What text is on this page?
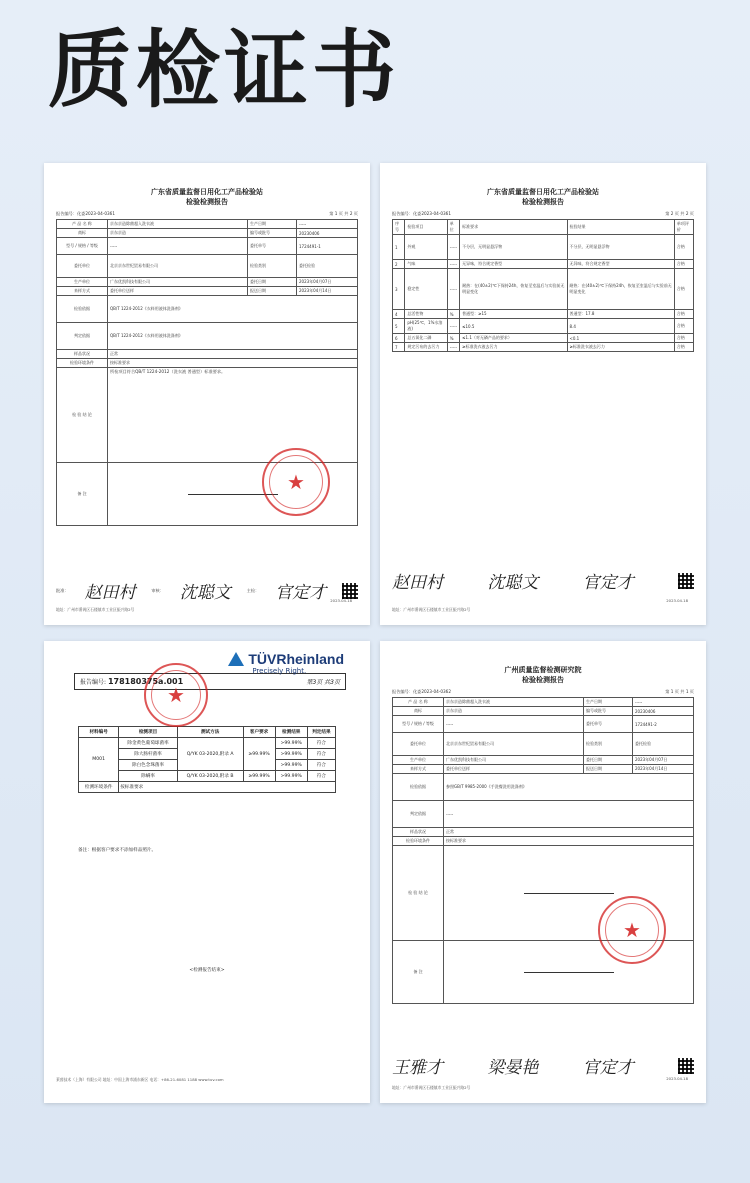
质检证书
广东省质量监督日用化工产品检验站
检验检测报告
报告编号：化委2023-04-0361	第 1 页 共 2 页
产 品 名 称	京东京造除菌超入洗衣液	生产日期	-----
商标	京东京造	编号或批号	20230406
型号 / 规格 / 等级	-----	委托单号	1724491-1
委托单位	北京京东世纪贸易有限公司	检验类别	委托检验
生产单位	广东优凯科技有限公司	委托日期	2023年04月07日
来样方式	委托单位送样	报送日期	2023年04月14日
检验依据	QB/T 1224-2012《衣料用液体洗涤剂》		
判定依据	QB/T 1224-2012《衣料用液体洗涤剂》		
样品状况	正常		
检验环境条件	按标准要求		
检 验 结 论	所检项目符合QB/T 1224-2012（洗衣液 普通型）标准要求。		
备 注				★
批准： 赵田村	审核： 沈聪文	主检： 官定才
地址：广州市番禺区石楼镇市工业区振兴路2号
2023.04.18
广东省质量监督日用化工产品检验站
检验检测报告
报告编号：化委2023-04-0361	第 2 页 共 2 页
序号	检验项目	单位	标准要求	检验结果	单项评价
1	外观	-----	不分层，无明显悬浮物	不分层，无明显悬浮物	合格
2	气味	-----	无异味，符合规定香型	无异味，符合规定香型	合格
3	稳定性	-----	耐热：在(40±2)℃下保持24h，恢复至室温后与实验前无明显变化	耐热：在(40±2)℃下保持24h，恢复至室温后与实验前无明显变化	合格
4	总活性物	%	普通型：≥15	普通型：17.8	合格
5	pH(25℃，1%水溶液)	-----	≤10.5	8.4	合格
6	总五氧化二磷	%	≤1.1（对无磷产品的要求）	<0.1	合格
7	规定污布的去污力	-----	≥标准洗衣液去污力	≥标准洗衣液去污力	合格
赵田村	沈聪文	官定才
地址：广州市番禺区石楼镇市工业区振兴路2号
2023.04.18
TÜVRheinland
Precisely Right.
报告编号: 178180375a.001	第3页 共3页
材料编号	检测项目	测试方法	客户要求	检测结果	判定结果
M001	除金黄色葡萄球菌率	Q/YK 03-2020,附录 A	≥99.99%	>99.99%	符合
	除大肠杆菌率			>99.99%	符合
	除白色念珠菌率			>99.99%	符合
	除螨率	Q/YK 03-2020,附录 B	≥99.99%	>99.99%	符合
检测环境条件	按标准要求				
★
备注：根据客户要求不添加样品照片。
<检测报告结束>
莱茵技术（上海）有限公司 地址：中国上海市浦东新区 电话：+86-21-6081 1188 www.tuv.com
广州质量监督检测研究院
检验检测报告
报告编号：化委2023-04-0362	第 1 页 共 1 页
产 品 名 称	京东京造除菌超入洗衣液	生产日期	-----
商标	京东京造	编号或批号	20230406
型号 / 规格 / 等级	-----	委托单号	1724491-2
委托单位	北京京东世纪贸易有限公司	检验类别	委托检验
生产单位	广东优凯科技有限公司	委托日期	2023年04月07日
来样方式	委托单位送样	报送日期	2023年04月14日
检验依据	参照GB/T 9985-2000《手洗餐洗用洗涤剂》		
判定依据	-----		
样品状况	正常		
检验环境条件	按标准要求		
检 验 结 论			

备 注			
★
王雅才	梁晏艳	官定才
地址：广州市番禺区石楼镇市工业区振兴路2号
2023.04.18
